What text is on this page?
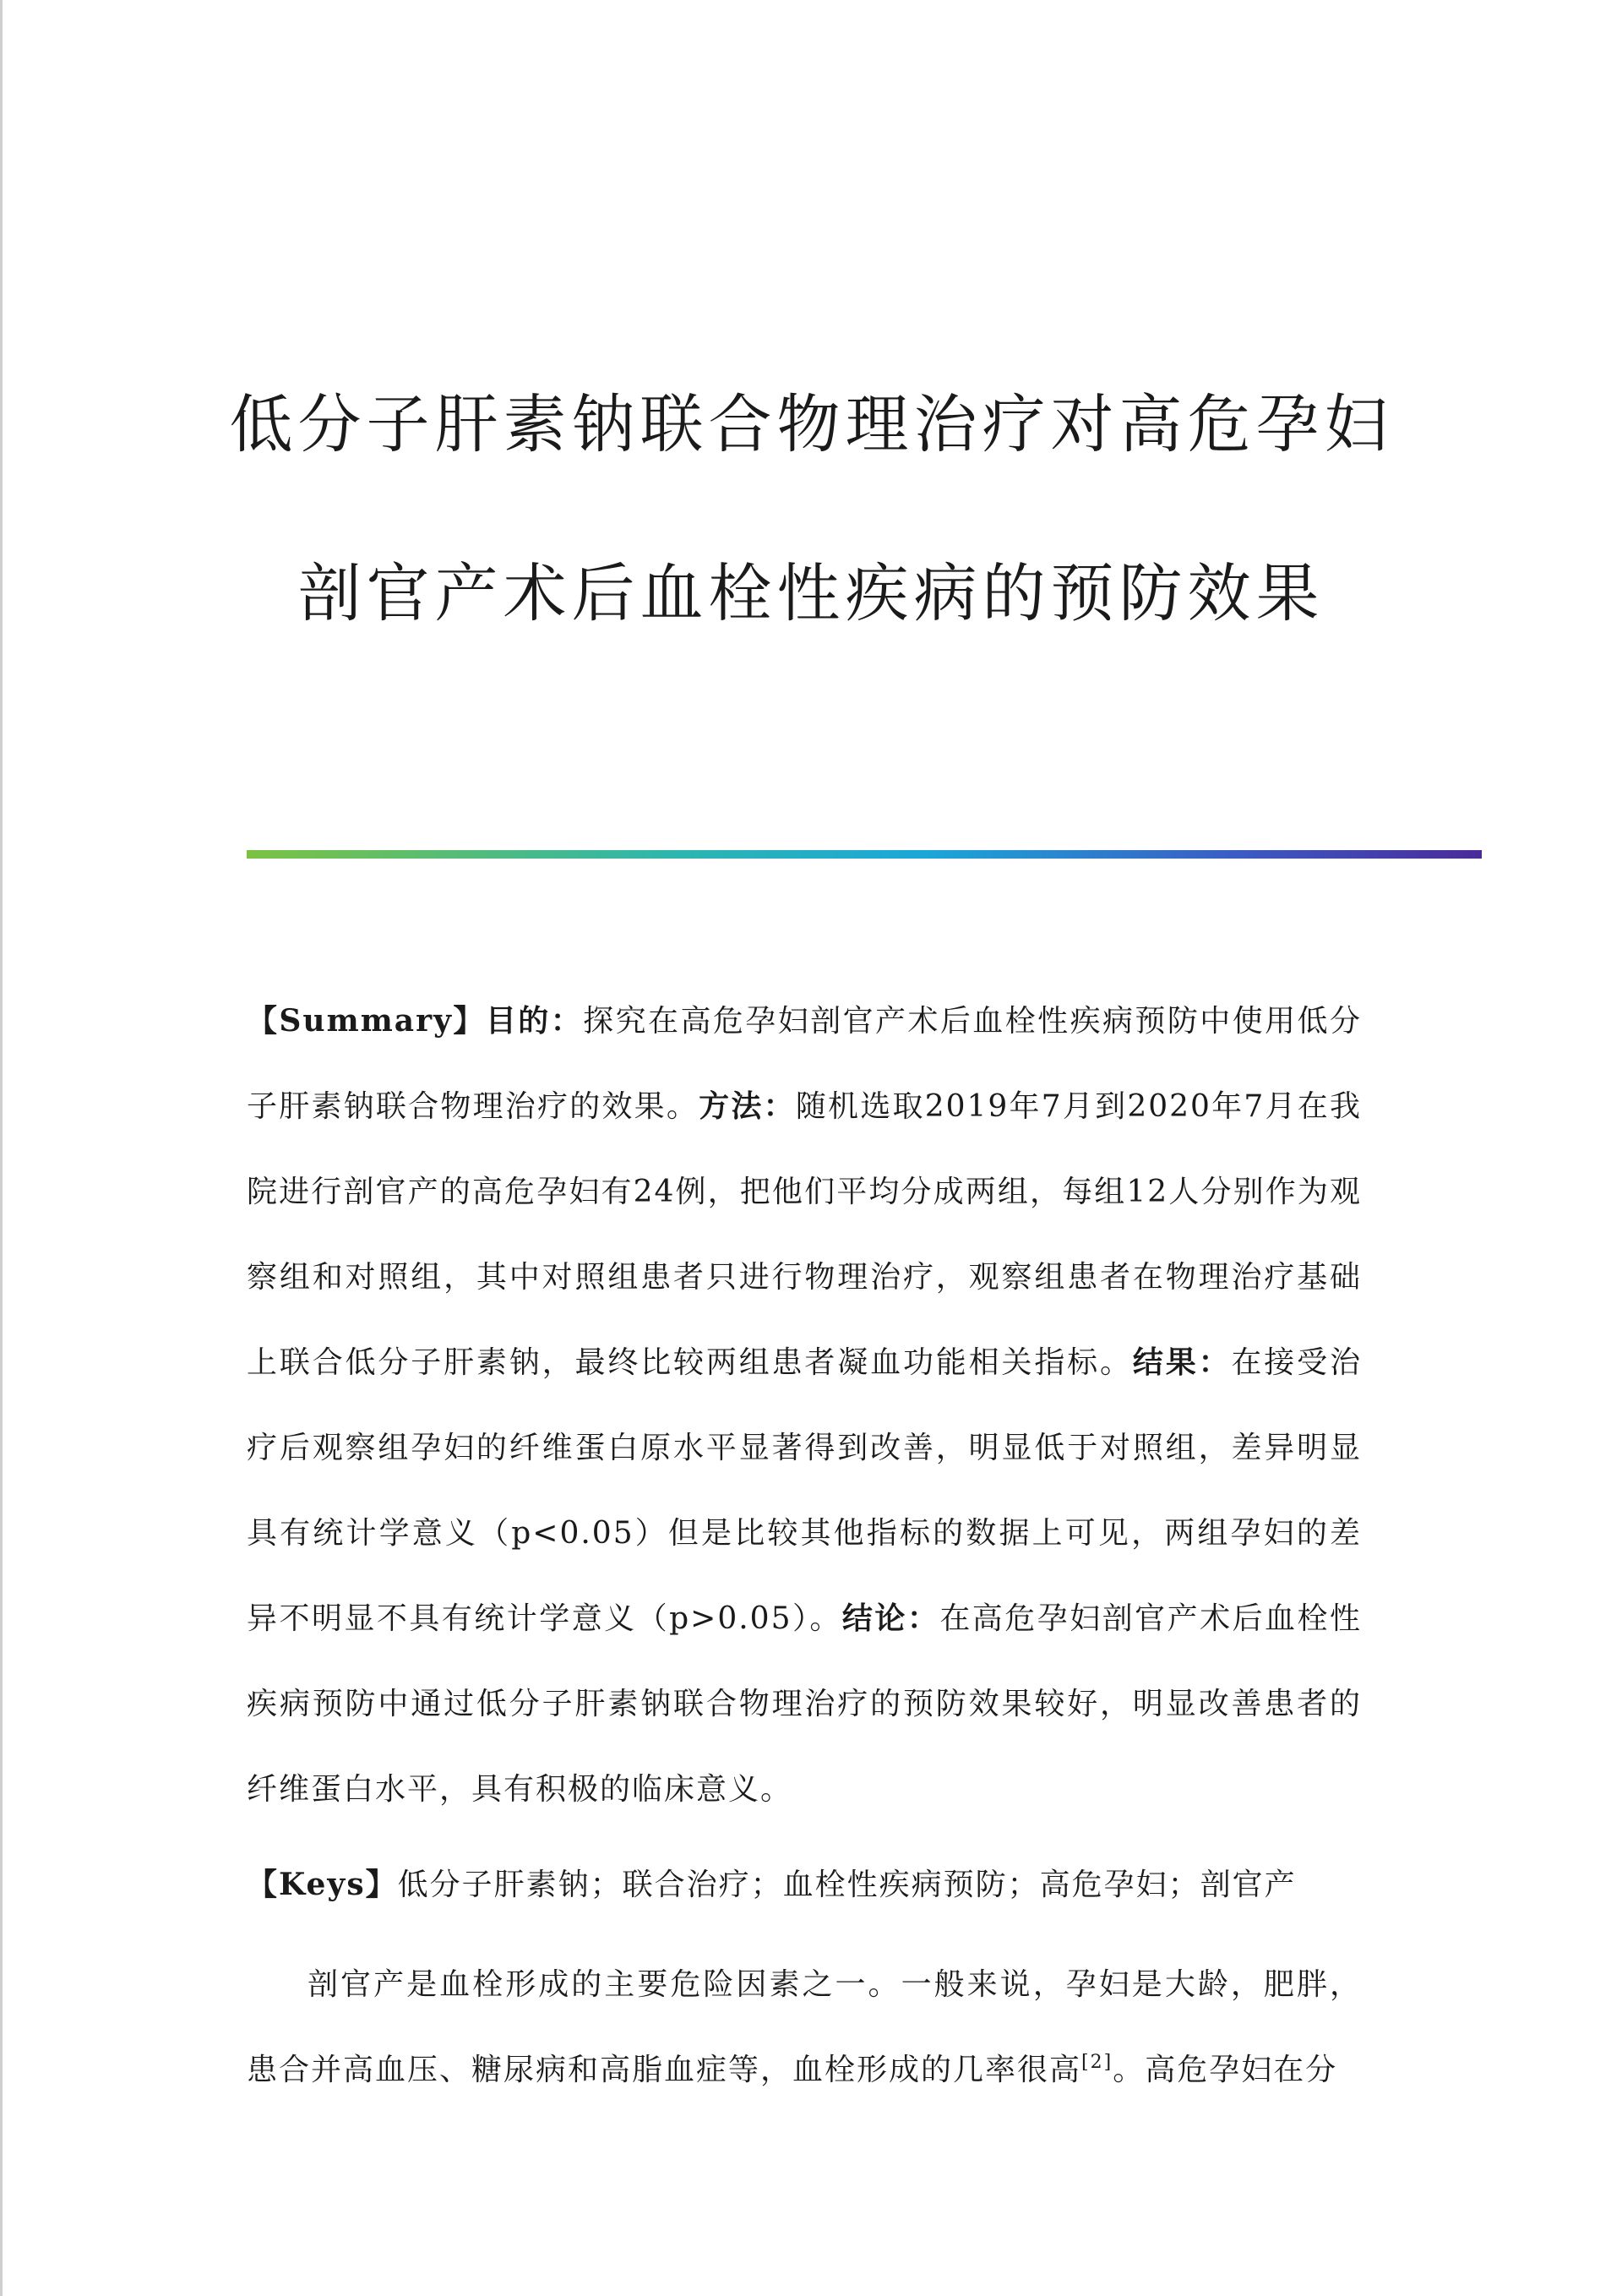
低分子肝素钠联合物理治疗对高危孕妇
剖官产术后血栓性疾病的预防效果

【Summary】目的：探究在高危孕妇剖官产术后血栓性疾病预防中使用低分子肝素钠联合物理治疗的效果。方法：随机选取2019年7月到2020年7月在我院进行剖官产的高危孕妇有24例，把他们平均分成两组，每组12人分别作为观察组和对照组，其中对照组患者只进行物理治疗，观察组患者在物理治疗基础上联合低分子肝素钠，最终比较两组患者凝血功能相关指标。结果：在接受治疗后观察组孕妇的纤维蛋白原水平显著得到改善，明显低于对照组，差异明显具有统计学意义（p<0.05）但是比较其他指标的数据上可见，两组孕妇的差异不明显不具有统计学意义（p>0.05）。结论：在高危孕妇剖官产术后血栓性疾病预防中通过低分子肝素钠联合物理治疗的预防效果较好，明显改善患者的纤维蛋白水平，具有积极的临床意义。

【Keys】低分子肝素钠；联合治疗；血栓性疾病预防；高危孕妇；剖官产

剖官产是血栓形成的主要危险因素之一。一般来说，孕妇是大龄，肥胖，患合并高血压、糖尿病和高脂血症等，血栓形成的几率很高[2]。高危孕妇在分
